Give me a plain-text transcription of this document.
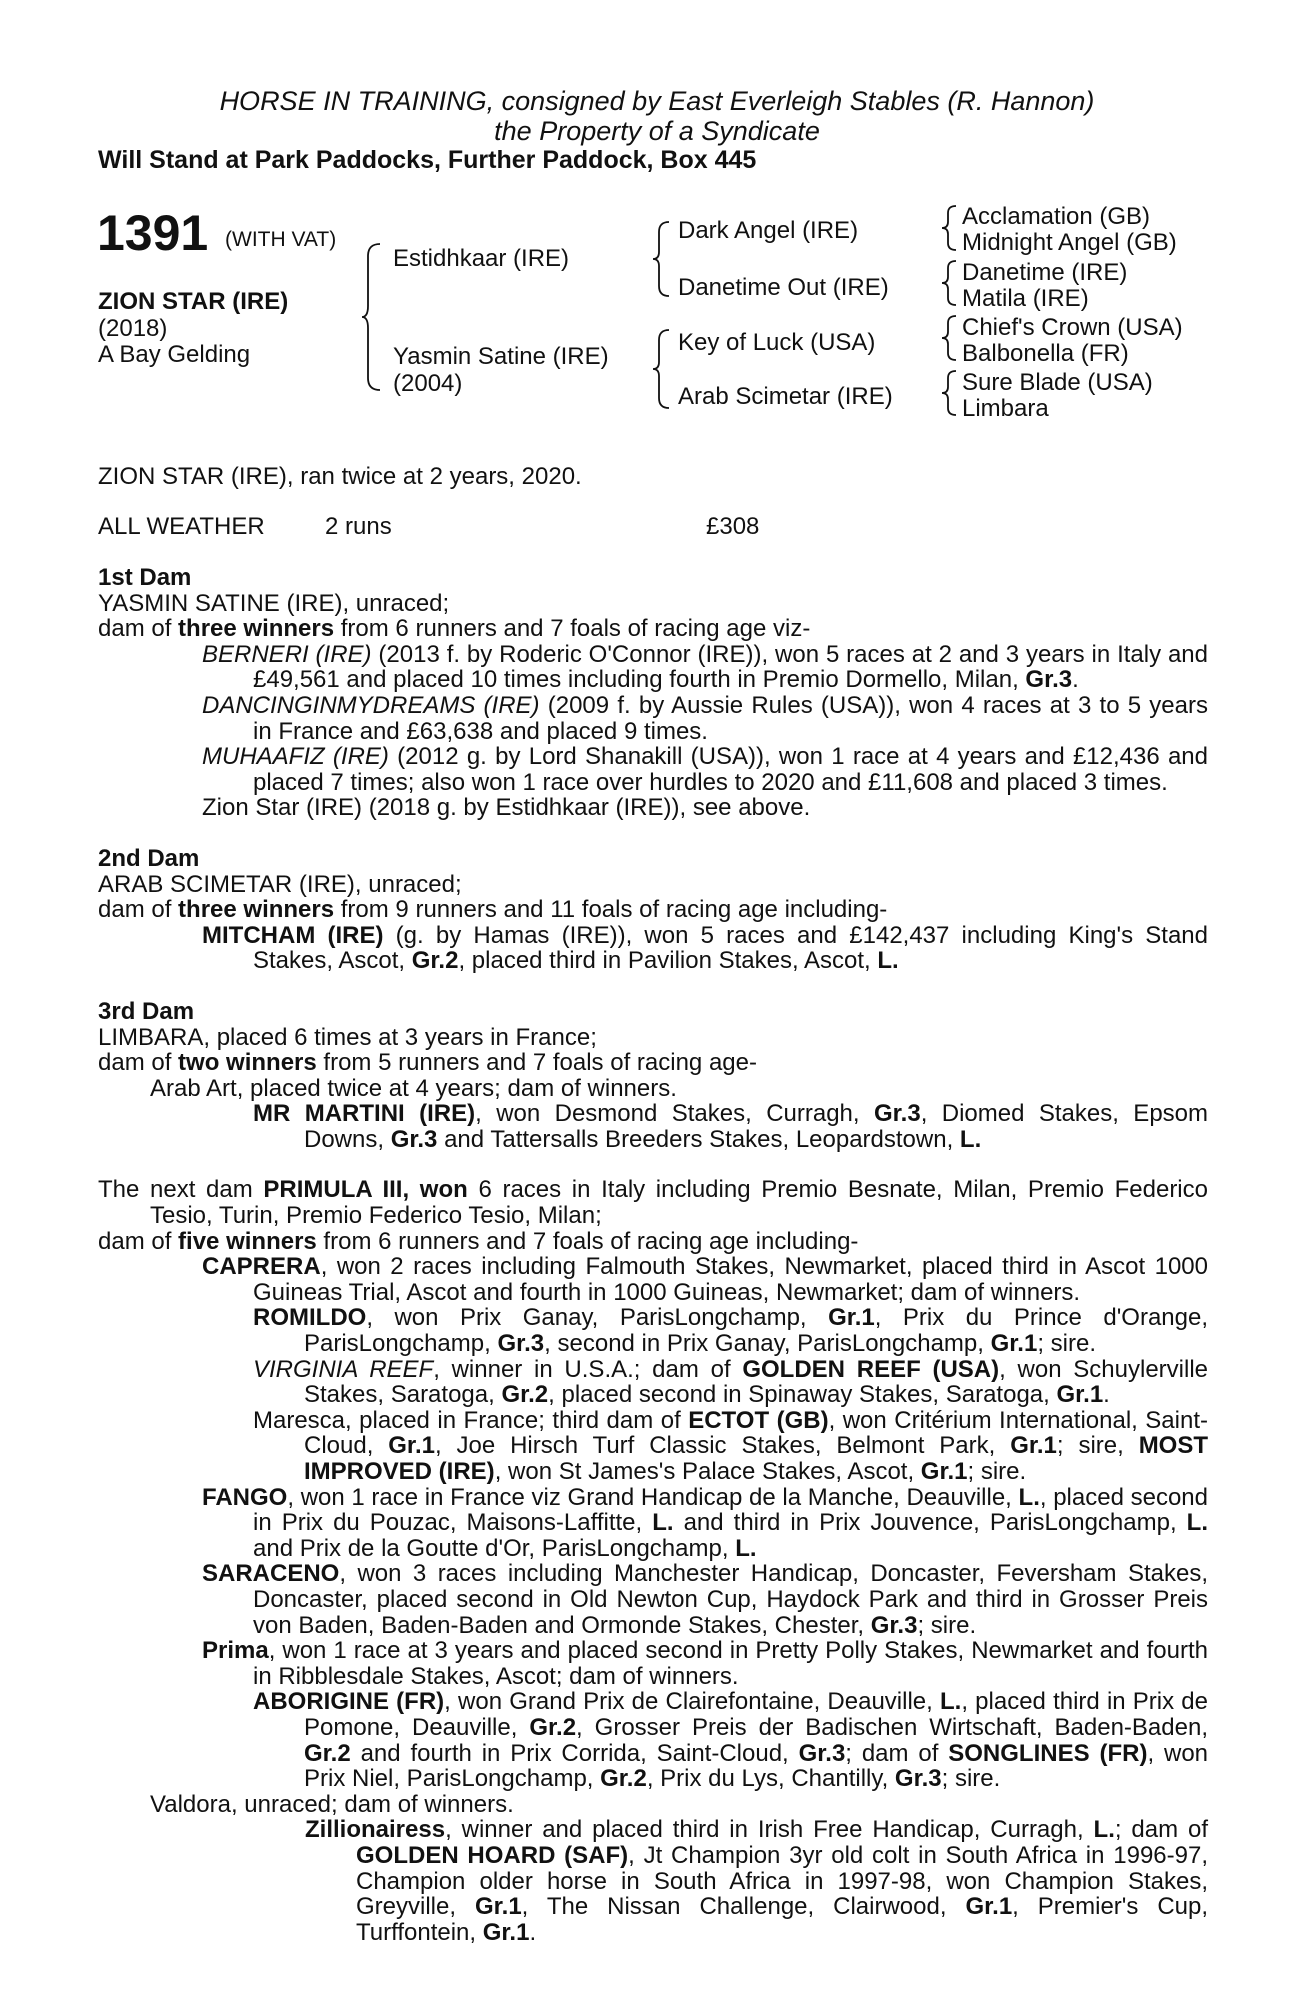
HORSE IN TRAINING, consigned by East Everleigh Stables (R. Hannon)
the Property of a Syndicate
Will Stand at Park Paddocks, Further Paddock, Box 445
1391 (WITH VAT)
ZION STAR (IRE)
(2018)
A Bay Gelding
Estidhkaar (IRE)
Yasmin Satine (IRE)
(2004)
Dark Angel (IRE)
Danetime Out (IRE)
Key of Luck (USA)
Arab Scimetar (IRE)
Acclamation (GB)
Midnight Angel (GB)
Danetime (IRE)
Matila (IRE)
Chief's Crown (USA)
Balbonella (FR)
Sure Blade (USA)
Limbara
ZION STAR (IRE), ran twice at 2 years, 2020.
ALL WEATHER	2 runs	£308

1st Dam

YASMIN SATINE (IRE), unraced;

dam of three winners from 6 runners and 7 foals of racing age viz-

BERNERI (IRE) (2013 f. by Roderic O'Connor (IRE)), won 5 races at 2 and 3 years in Italy and £49,561 and placed 10 times including fourth in Premio Dormello, Milan, Gr.3.

DANCINGINMYDREAMS (IRE) (2009 f. by Aussie Rules (USA)), won 4 races at 3 to 5 years in France and £63,638 and placed 9 times.

MUHAAFIZ (IRE) (2012 g. by Lord Shanakill (USA)), won 1 race at 4 years and £12,436 and placed 7 times; also won 1 race over hurdles to 2020 and £11,608 and placed 3 times.

Zion Star (IRE) (2018 g. by Estidhkaar (IRE)), see above.

2nd Dam

ARAB SCIMETAR (IRE), unraced;

dam of three winners from 9 runners and 11 foals of racing age including-

MITCHAM (IRE) (g. by Hamas (IRE)), won 5 races and £142,437 including King's Stand Stakes, Ascot, Gr.2, placed third in Pavilion Stakes, Ascot, L.

3rd Dam

LIMBARA, placed 6 times at 3 years in France;

dam of two winners from 5 runners and 7 foals of racing age-

Arab Art, placed twice at 4 years; dam of winners.

MR MARTINI (IRE), won Desmond Stakes, Curragh, Gr.3, Diomed Stakes, Epsom Downs, Gr.3 and Tattersalls Breeders Stakes, Leopardstown, L.

The next dam PRIMULA III, won 6 races in Italy including Premio Besnate, Milan, Premio Federico Tesio, Turin, Premio Federico Tesio, Milan;

dam of five winners from 6 runners and 7 foals of racing age including-

CAPRERA, won 2 races including Falmouth Stakes, Newmarket, placed third in Ascot 1000 Guineas Trial, Ascot and fourth in 1000 Guineas, Newmarket; dam of winners.

ROMILDO, won Prix Ganay, ParisLongchamp, Gr.1, Prix du Prince d'Orange, ParisLongchamp, Gr.3, second in Prix Ganay, ParisLongchamp, Gr.1; sire.

VIRGINIA REEF, winner in U.S.A.; dam of GOLDEN REEF (USA), won Schuylerville Stakes, Saratoga, Gr.2, placed second in Spinaway Stakes, Saratoga, Gr.1.

Maresca, placed in France; third dam of ECTOT (GB), won Critérium International, Saint-Cloud, Gr.1, Joe Hirsch Turf Classic Stakes, Belmont Park, Gr.1; sire, MOST IMPROVED (IRE), won St James's Palace Stakes, Ascot, Gr.1; sire.

FANGO, won 1 race in France viz Grand Handicap de la Manche, Deauville, L., placed second in Prix du Pouzac, Maisons-Laffitte, L. and third in Prix Jouvence, ParisLongchamp, L. and Prix de la Goutte d'Or, ParisLongchamp, L.

SARACENO, won 3 races including Manchester Handicap, Doncaster, Feversham Stakes, Doncaster, placed second in Old Newton Cup, Haydock Park and third in Grosser Preis von Baden, Baden-Baden and Ormonde Stakes, Chester, Gr.3; sire.

Prima, won 1 race at 3 years and placed second in Pretty Polly Stakes, Newmarket and fourth in Ribblesdale Stakes, Ascot; dam of winners.

ABORIGINE (FR), won Grand Prix de Clairefontaine, Deauville, L., placed third in Prix de Pomone, Deauville, Gr.2, Grosser Preis der Badischen Wirtschaft, Baden-Baden, Gr.2 and fourth in Prix Corrida, Saint-Cloud, Gr.3; dam of SONGLINES (FR), won Prix Niel, ParisLongchamp, Gr.2, Prix du Lys, Chantilly, Gr.3; sire.

Valdora, unraced; dam of winners.

Zillionairess, winner and placed third in Irish Free Handicap, Curragh, L.; dam of GOLDEN HOARD (SAF), Jt Champion 3yr old colt in South Africa in 1996-97, Champion older horse in South Africa in 1997-98, won Champion Stakes, Greyville, Gr.1, The Nissan Challenge, Clairwood, Gr.1, Premier's Cup, Turffontein, Gr.1.
